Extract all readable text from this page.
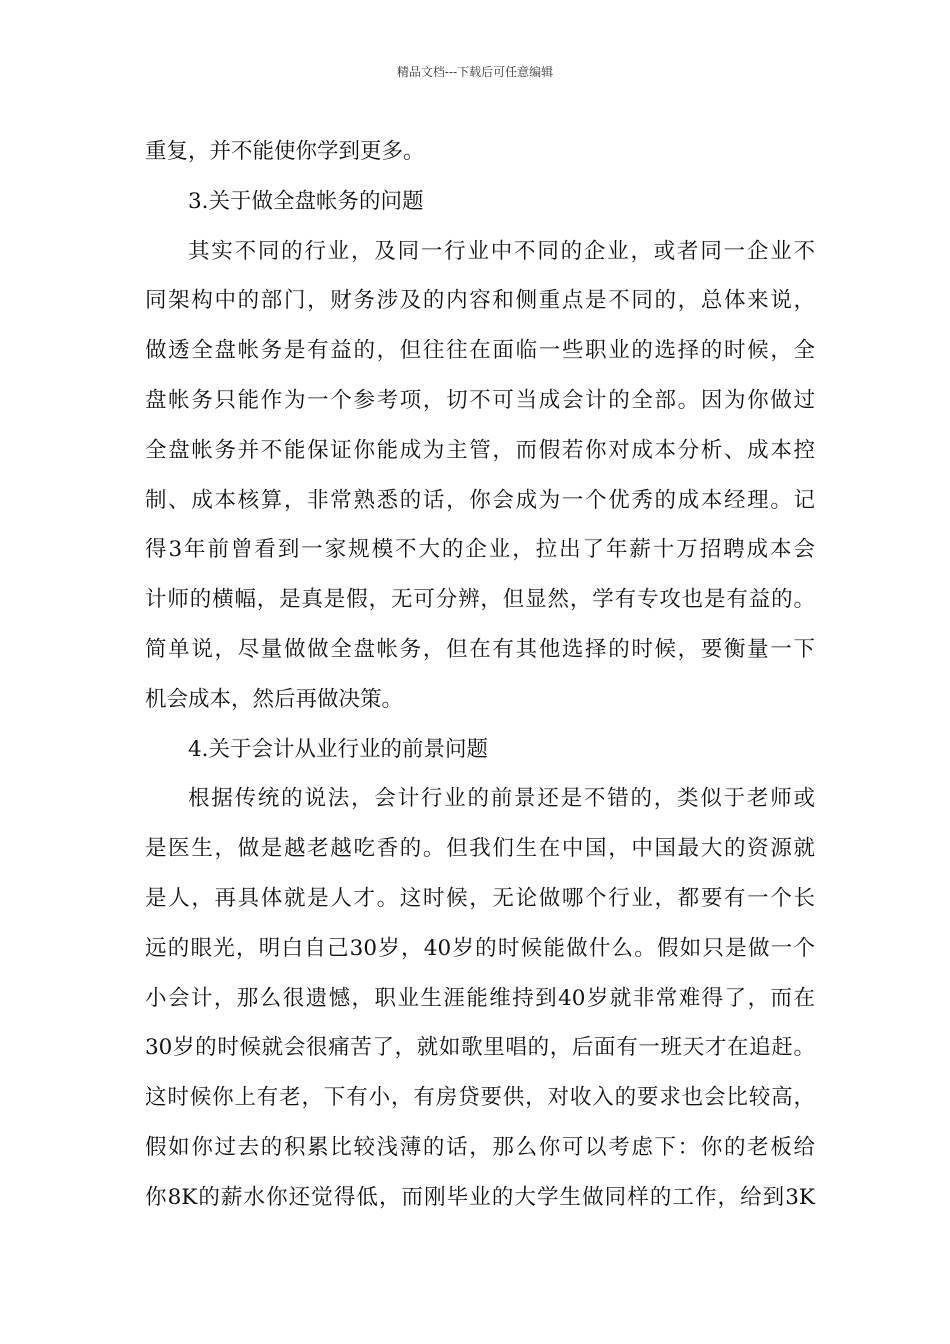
精品文档---下载后可任意编辑
重复，并不能使你学到更多。
3.关于做全盘帐务的问题
其实不同的行业，及同一行业中不同的企业，或者同一企业不
同架构中的部门，财务涉及的内容和侧重点是不同的，总体来说，
做透全盘帐务是有益的，但往往在面临一些职业的选择的时候，全
盘帐务只能作为一个参考项，切不可当成会计的全部。因为你做过
全盘帐务并不能保证你能成为主管，而假若你对成本分析、成本控
制、成本核算，非常熟悉的话，你会成为一个优秀的成本经理。记
得3年前曾看到一家规模不大的企业，拉出了年薪十万招聘成本会
计师的横幅，是真是假，无可分辨，但显然，学有专攻也是有益的。
简单说，尽量做做全盘帐务，但在有其他选择的时候，要衡量一下
机会成本，然后再做决策。
4.关于会计从业行业的前景问题
根据传统的说法，会计行业的前景还是不错的，类似于老师或
是医生，做是越老越吃香的。但我们生在中国，中国最大的资源就
是人，再具体就是人才。这时候，无论做哪个行业，都要有一个长
远的眼光，明白自己30岁，40岁的时候能做什么。假如只是做一个
小会计，那么很遗憾，职业生涯能维持到40岁就非常难得了，而在
30岁的时候就会很痛苦了，就如歌里唱的，后面有一班天才在追赶。
这时候你上有老，下有小，有房贷要供，对收入的要求也会比较高，
假如你过去的积累比较浅薄的话，那么你可以考虑下：你的老板给
你8K的薪水你还觉得低，而刚毕业的大学生做同样的工作，给到3K
